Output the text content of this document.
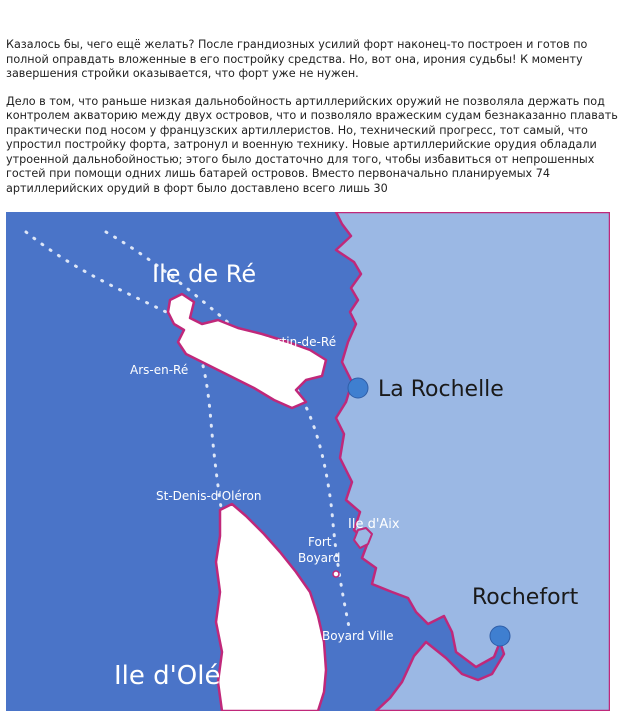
Казалось бы, чего ещё желать? После грандиозных усилий форт наконец-то построен и готов по полной оправдать вложенные в его постройку средства. Но, вот она, ирония судьбы! К моменту завершения стройки оказывается, что форт уже не нужен.

Дело в том, что раньше низкая дальнобойность артиллерийских оружий не позволяла держать под контролем акваторию между двух островов, что и позволяло вражеским судам безнаказанно плавать практически под носом у французских артиллеристов. Но, технический прогресс, тот самый, что упростил постройку форта, затронул и военную технику. Новые артиллерийские орудия обладали утроенной дальнобойностью; этого было достаточно для того, чтобы избавиться от непрошенных гостей при помощи одних лишь батарей островов. Вместо первоначально планируемых 74 артиллерийских орудий в форт было доставлено всего лишь 30

Ile de Ré
Saint-Martin-de-Ré
Ars-en-Ré
La Rochelle
St-Denis-d'Oléron
Ile d'Aix
Fort
Boyard
Rochefort
Boyard Ville
Ile d'Oléron
